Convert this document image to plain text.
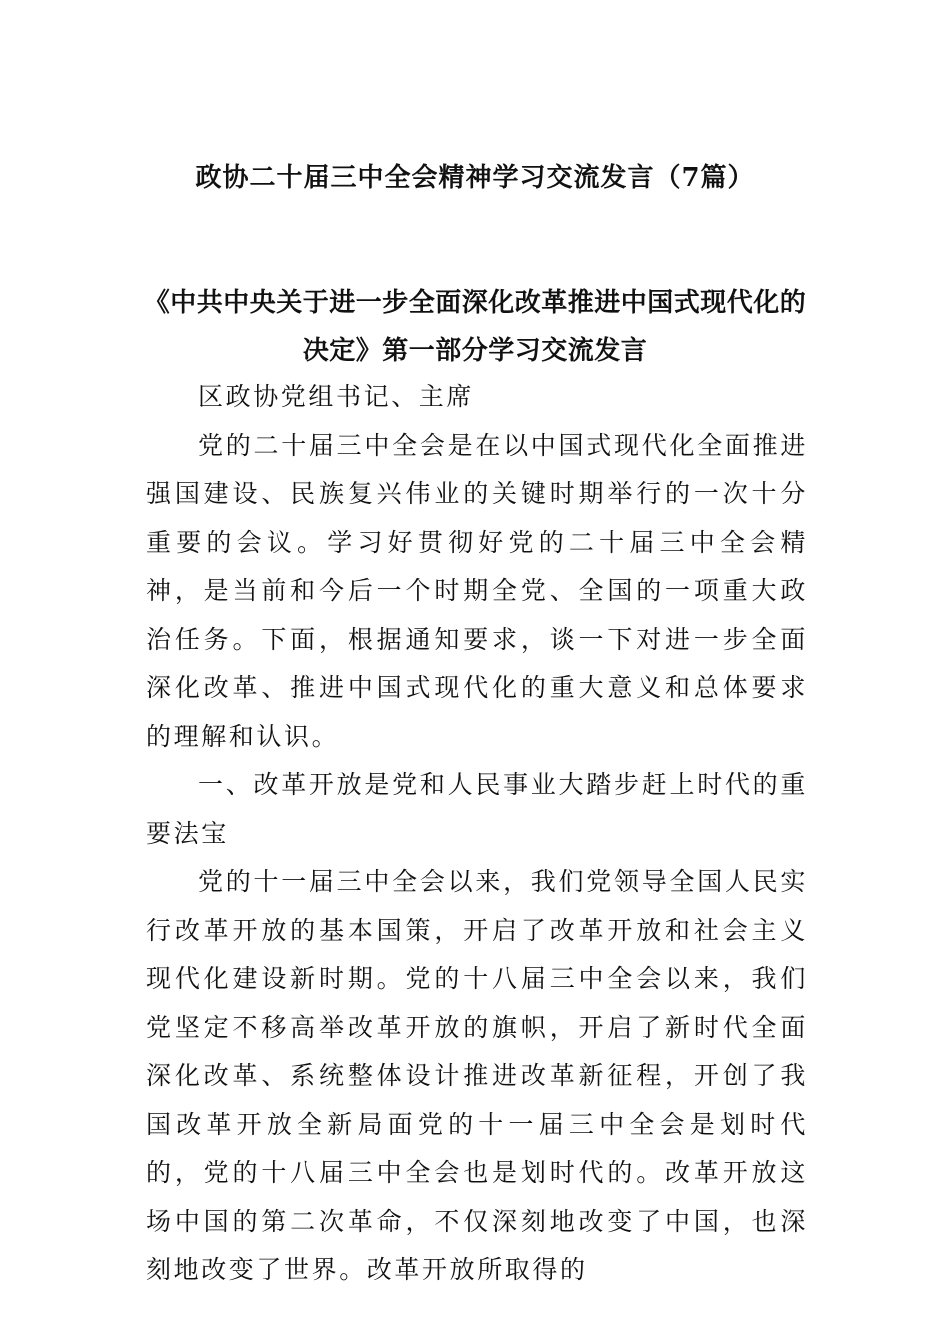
政协二十届三中全会精神学习交流发言（7篇）
《中共中央关于进一步全面深化改革推进中国式现代化的决定》第一部分学习交流发言

区政协党组书记、主席

党的二十届三中全会是在以中国式现代化全面推进强国建设、民族复兴伟业的关键时期举行的一次十分重要的会议。学习好贯彻好党的二十届三中全会精神，是当前和今后一个时期全党、全国的一项重大政治任务。下面，根据通知要求，谈一下对进一步全面深化改革、推进中国式现代化的重大意义和总体要求的理解和认识。

一、改革开放是党和人民事业大踏步赶上时代的重要法宝

党的十一届三中全会以来，我们党领导全国人民实行改革开放的基本国策，开启了改革开放和社会主义现代化建设新时期。党的十八届三中全会以来，我们党坚定不移高举改革开放的旗帜，开启了新时代全面深化改革、系统整体设计推进改革新征程，开创了我国改革开放全新局面党的十一届三中全会是划时代的，党的十八届三中全会也是划时代的。改革开放这场中国的第二次革命，不仅深刻地改变了中国，也深刻地改变了世界。改革开放所取得的
